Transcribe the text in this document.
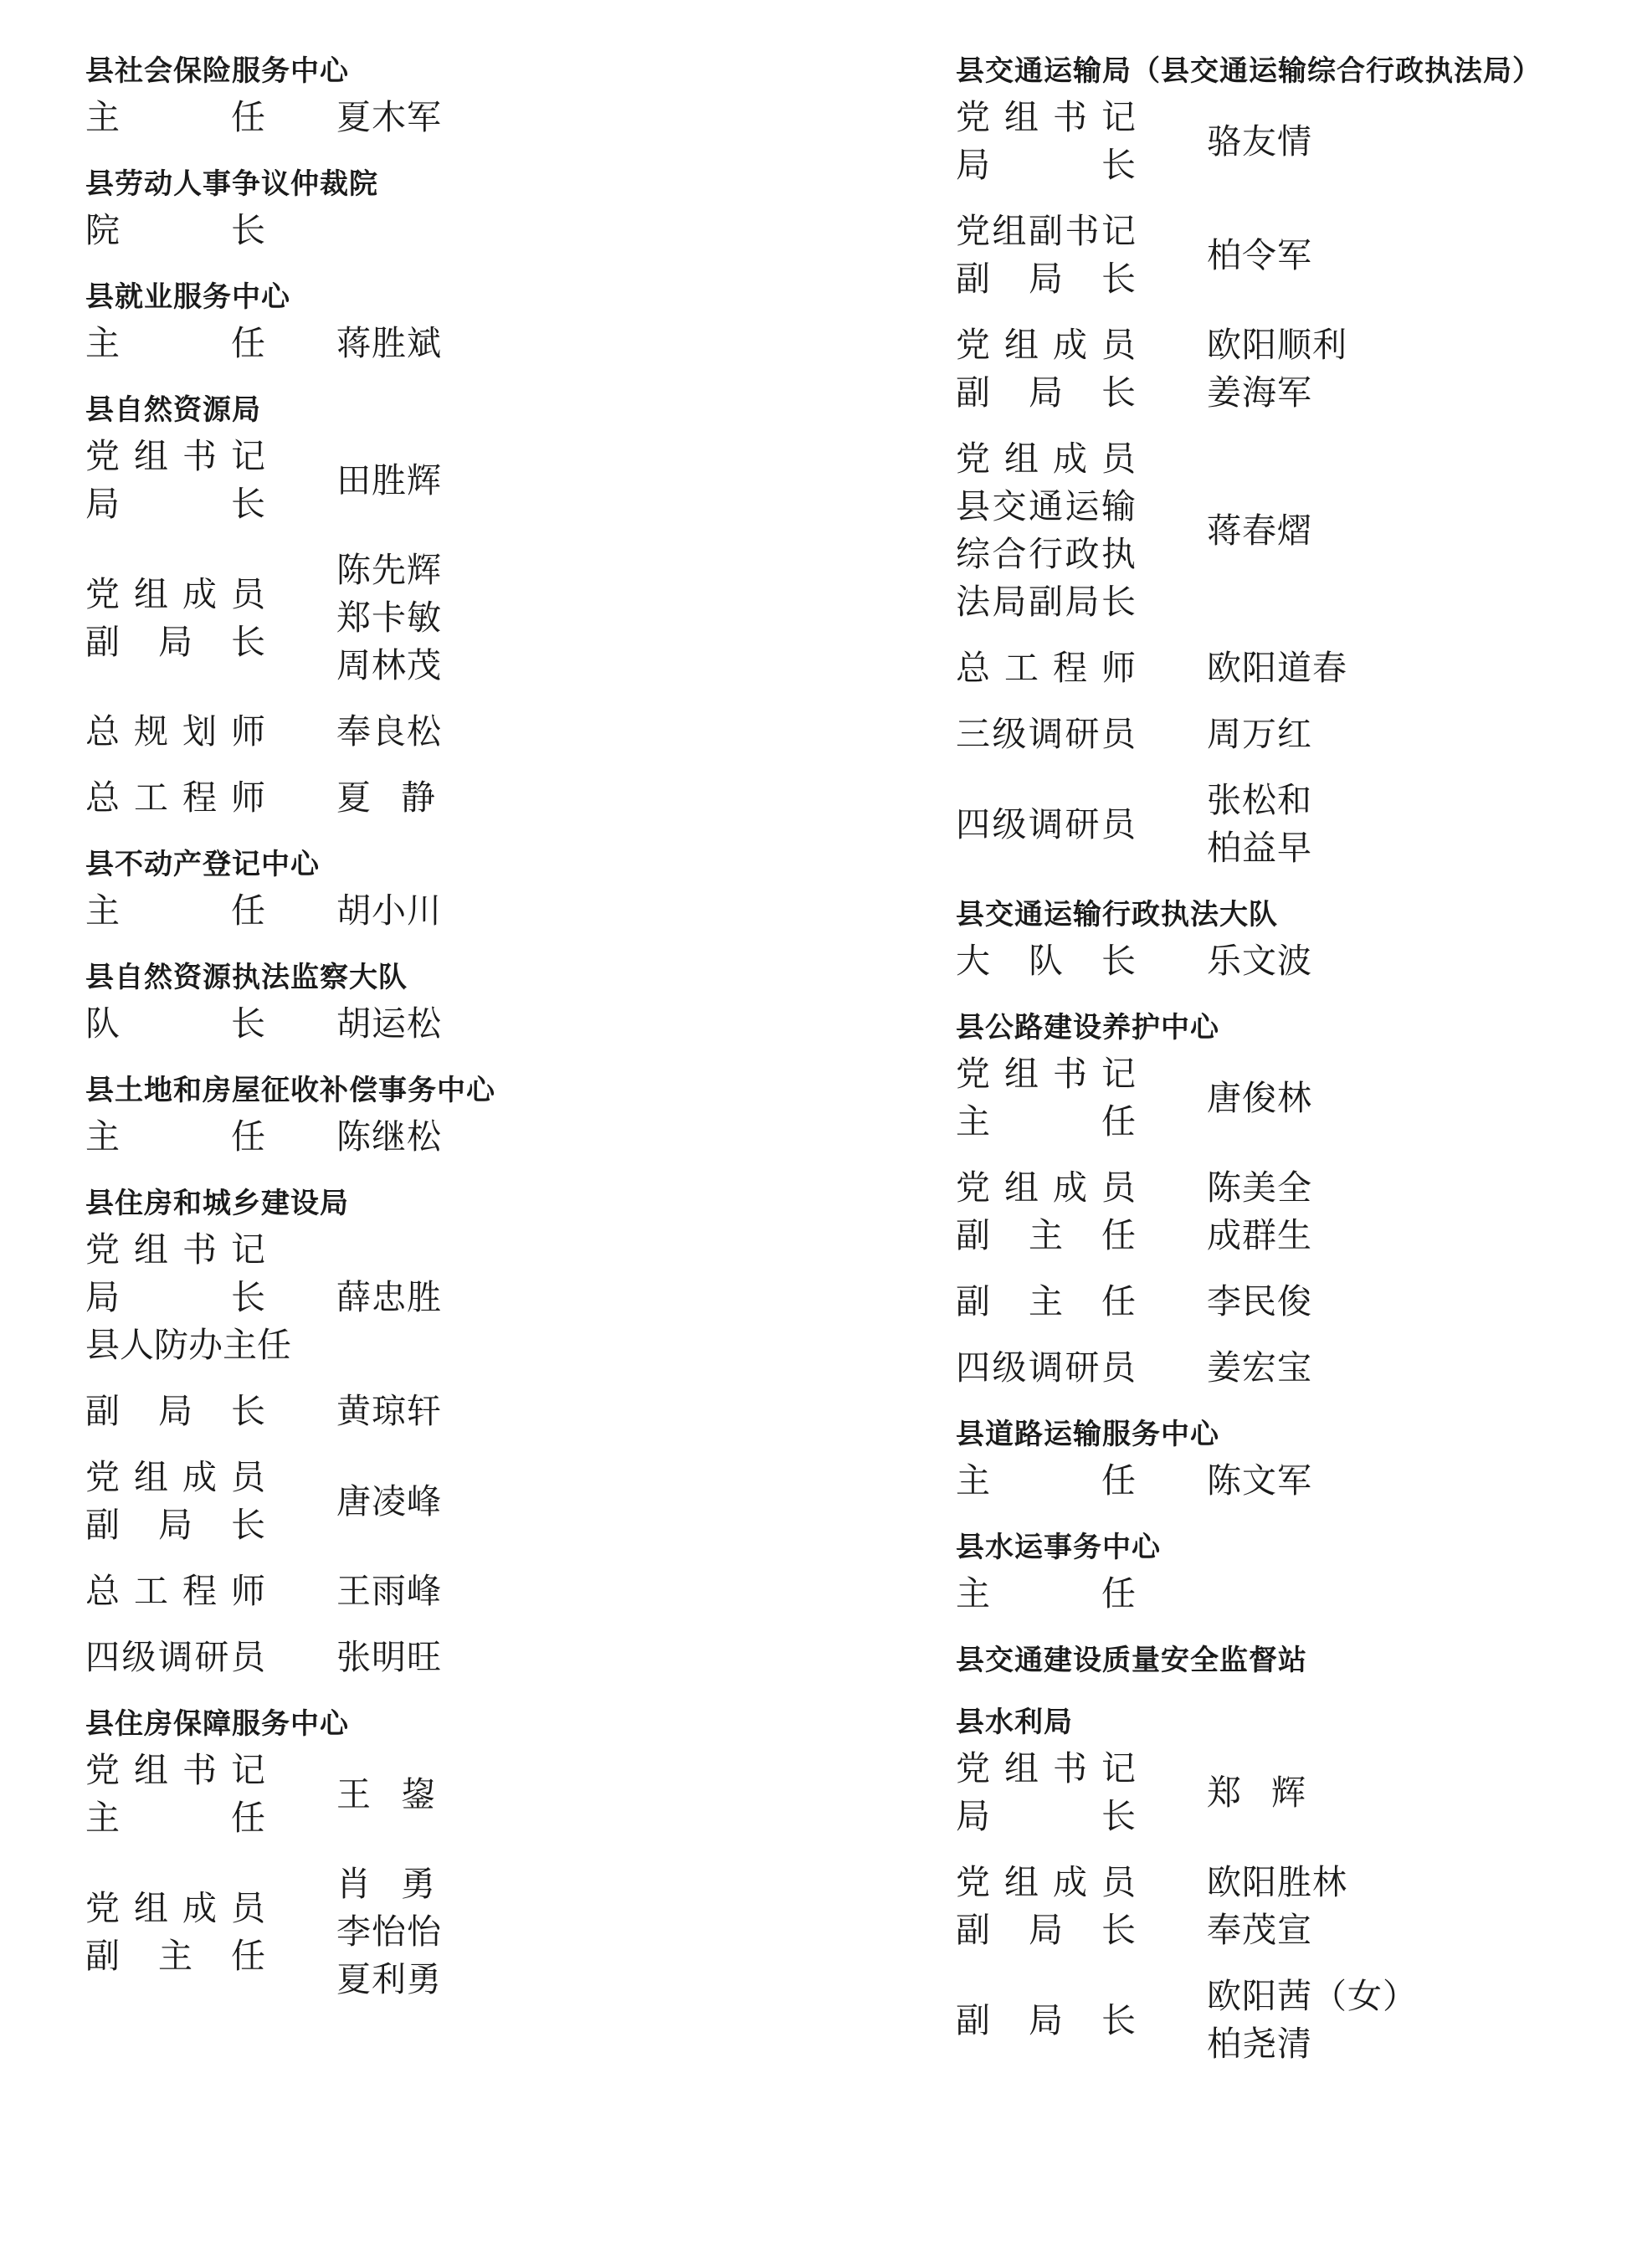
县社会保险服务中心
主　任 夏木军
县劳动人事争议仲裁院
院　长
县就业服务中心
主　任 蒋胜斌
县自然资源局
党组书记
局　长
田胜辉
党组成员
副局长
陈先辉
郑卡敏
周林茂
总规划师 奉良松
总工程师 夏静
县不动产登记中心
主　任 胡小川
县自然资源执法监察大队
队　长 胡运松
县土地和房屋征收补偿事务中心
主　任 陈继松
县住房和城乡建设局
党组书记
局　长
县人防办主任
薛忠胜
副局长 黄琼轩
党组成员
副局长
唐凌峰
总工程师 王雨峰
四级调研员 张明旺
县住房保障服务中心
党组书记
主　任
王鋆
党组成员
副主任
肖勇
李怡怡
夏利勇
县交通运输局（县交通运输综合行政执法局）
党组书记
局　长
骆友情
党组副书记
副局长
柏令军
党组成员
副局长
欧阳顺利
姜海军
党组成员
县交通运输
综合行政执
法局副局长
蒋春熠
总工程师 欧阳道春
三级调研员 周万红
四级调研员
张松和
柏益早
县交通运输行政执法大队
大队长 乐文波
县公路建设养护中心
党组书记
主　任
唐俊林
党组成员
副主任
陈美全
成群生
副主任 李民俊
四级调研员 姜宏宝
县道路运输服务中心
主　任 陈文军
县水运事务中心
主　任
县交通建设质量安全监督站
县水利局
党组书记
局　长
郑辉
党组成员
副局长
欧阳胜林
奉茂宣
副局长
欧阳茜（女）
柏尧清
